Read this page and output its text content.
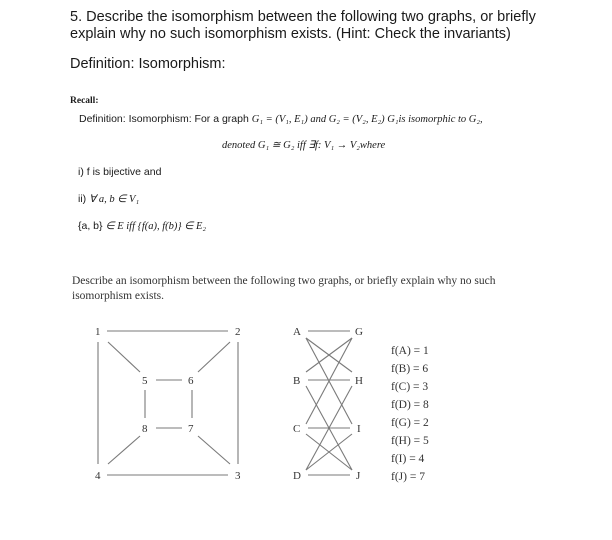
5. Describe the isomorphism between the following two graphs, or briefly
explain why no such isomorphism exists. (Hint: Check the invariants)
Definition: Isomorphism:
Recall:
Definition: Isomorphism: For a graph G₁ = (V₁, E₁) and G₂ = (V₂, E₂) G₁is isomorphic to G₂,
denoted G₁ ≅ G₂ iff ∃f: V₁ → V₂where
i) f is bijective and
ii) ∀ a, b ∈ V₁
{a, b} ∈ E iff {f(a), f(b)} ∈ E₂
Describe an isomorphism between the following two graphs, or briefly explain why no such isomorphism exists.
1	2
3
4
5	6
7
8
A	G
B	H
C	I
D	J
f(A) = 1
f(B) = 6
f(C) = 3
f(D) = 8
f(G) = 2
f(H) = 5
f(I) = 4
f(J) = 7
